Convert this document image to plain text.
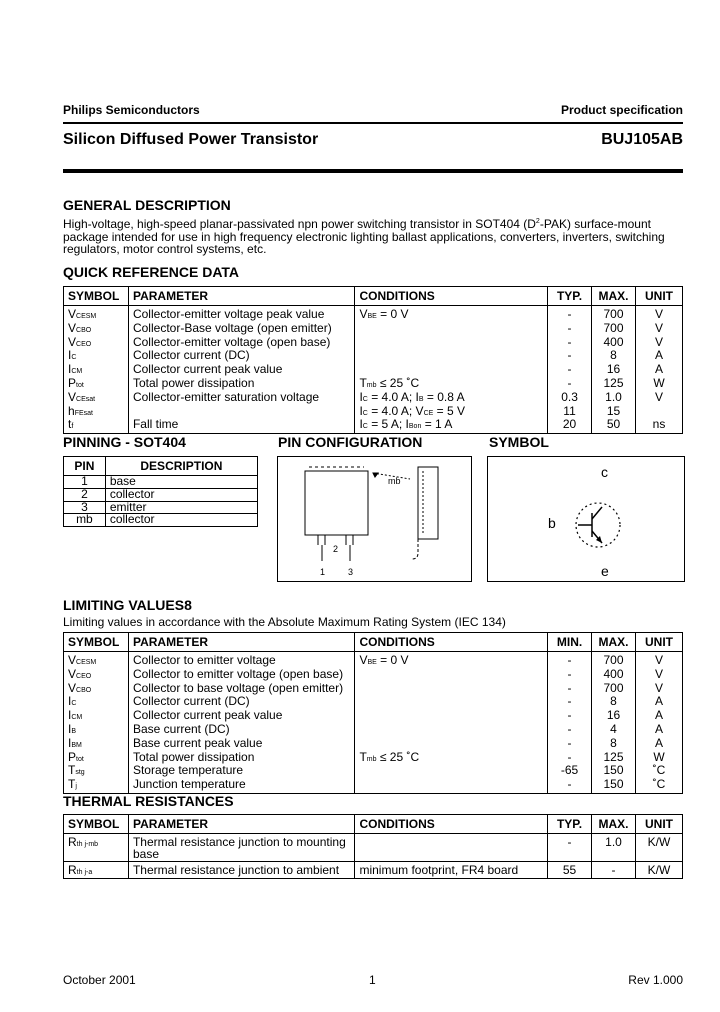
Philips Semiconductors	Product specification
Silicon Diffused Power Transistor	BUJ105AB
GENERAL DESCRIPTION
High-voltage, high-speed planar-passivated npn power switching transistor in SOT404 $(D^2-PAK)$ surface-mount
package intended for use in high frequency electronic lighting ballast applications, converters, inverters, switching
regulators, motor control systems, etc.
QUICK REFERENCE DATA
SYMBOL	PARAMETER	CONDITIONS	TYP.	MAX.	UNIT
VCESM	Collector-emitter voltage peak value	VBE = 0 V	-	700	V
VCBO	Collector-Base voltage (open emitter)		-	700	V
VCEO	Collector-emitter voltage (open base)		-	400	V
IC	Collector current (DC)		-	8	A
ICM	Collector current peak value		-	16	A
Ptot	Total power dissipation	Tmb ≤ 25 ˚C	-	125	W
VCEsat	Collector-emitter saturation voltage	IC = 4.0 A; IB = 0.8 A	0.3	1.0	V
hFEsat		IC = 4.0 A; VCE = 5 V	11	15	
tf	Fall time	IC = 5 A; IBon = 1 A	20	50	ns
PINNING - SOT404
PIN	DESCRIPTION
1	base
2	collector
3	emitter
mb	collector
PIN CONFIGURATION
mb
2
1	3
SYMBOL
c
b
e
LIMITING VALUES8
Limiting values in accordance with the Absolute Maximum Rating System (IEC 134)
SYMBOL	PARAMETER	CONDITIONS	MIN.	MAX.	UNIT
VCESM	Collector to emitter voltage	VBE = 0 V	-	700	V
VCEO	Collector to emitter voltage (open base)		-	400	V
VCBO	Collector to base voltage (open emitter)		-	700	V
IC	Collector current (DC)		-	8	A
ICM	Collector current peak value		-	16	A
IB	Base current (DC)		-	4	A
IBM	Base current peak value		-	8	A
Ptot	Total power dissipation	Tmb ≤ 25 ˚C	-	125	W
Tstg	Storage temperature		-65	150	˚C
Tj	Junction temperature		-	150	˚C
THERMAL RESISTANCES
SYMBOL	PARAMETER	CONDITIONS	TYP.	MAX.	UNIT
Rth j-mb	Thermal resistance junction to mounting
base		-	1.0	K/W
Rth j-a	Thermal resistance junction to ambient	minimum footprint, FR4 board	55	-	K/W
October 2001	1	Rev 1.000
